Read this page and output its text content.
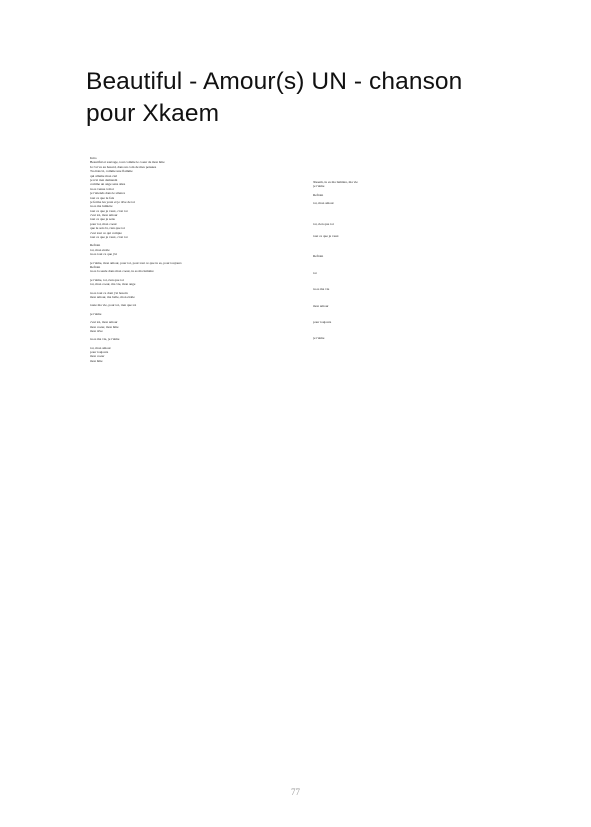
Beautiful - Amour(s) UN - chanson
pour Xkaem
Intro
Beautiful et sauvage, tout comme le coeur de mon âme
Je t'ai vu au hasard, dans un coin de mes pensées
Tu étais là, comme une flamme
qui allume mon ciel
je n'ai rien demandé
comme un ange sans ailes
tu es venue à moi
je t'attends dans le silence
tout ce que tu fais
je ferme les yeux et je rêve de toi
tu es ma lumière
tout ce que je veux, c'est toi
c'est toi, mon amour
tout ce que je sens
pour toi, mon coeur
que tu sois là, rien que toi
c'est tout ce qui compte
tout ce que je veux, c'est toi
Refrain
toi, mon étoile
tu es tout ce que j'ai
je t'aime, mon amour, pour toi, pour tout ce que tu es, pour toujours
Refrain
tu es la seule dans mon coeur, tu es ma lumière
je t'aime, toi, rien que toi
toi, mon coeur, ma vie, mon ange
tu es tout ce dont j'ai besoin
mon amour, ma belle, mon étoile
toute ma vie, pour toi, rien que toi
je t'aime
c'est toi, mon amour
mon coeur, mon âme
mon rêve
tu es ma vie, je t'aime
toi, mon amour
pour toujours
mon coeur
mon âme
Xkaem, tu es ma lumière, ma vie
je t'aime
Refrain
toi, mon amour
toi, rien que toi
tout ce que je veux
Refrain
toi
tu es ma vie
mon amour
pour toujours
je t'aime
77
